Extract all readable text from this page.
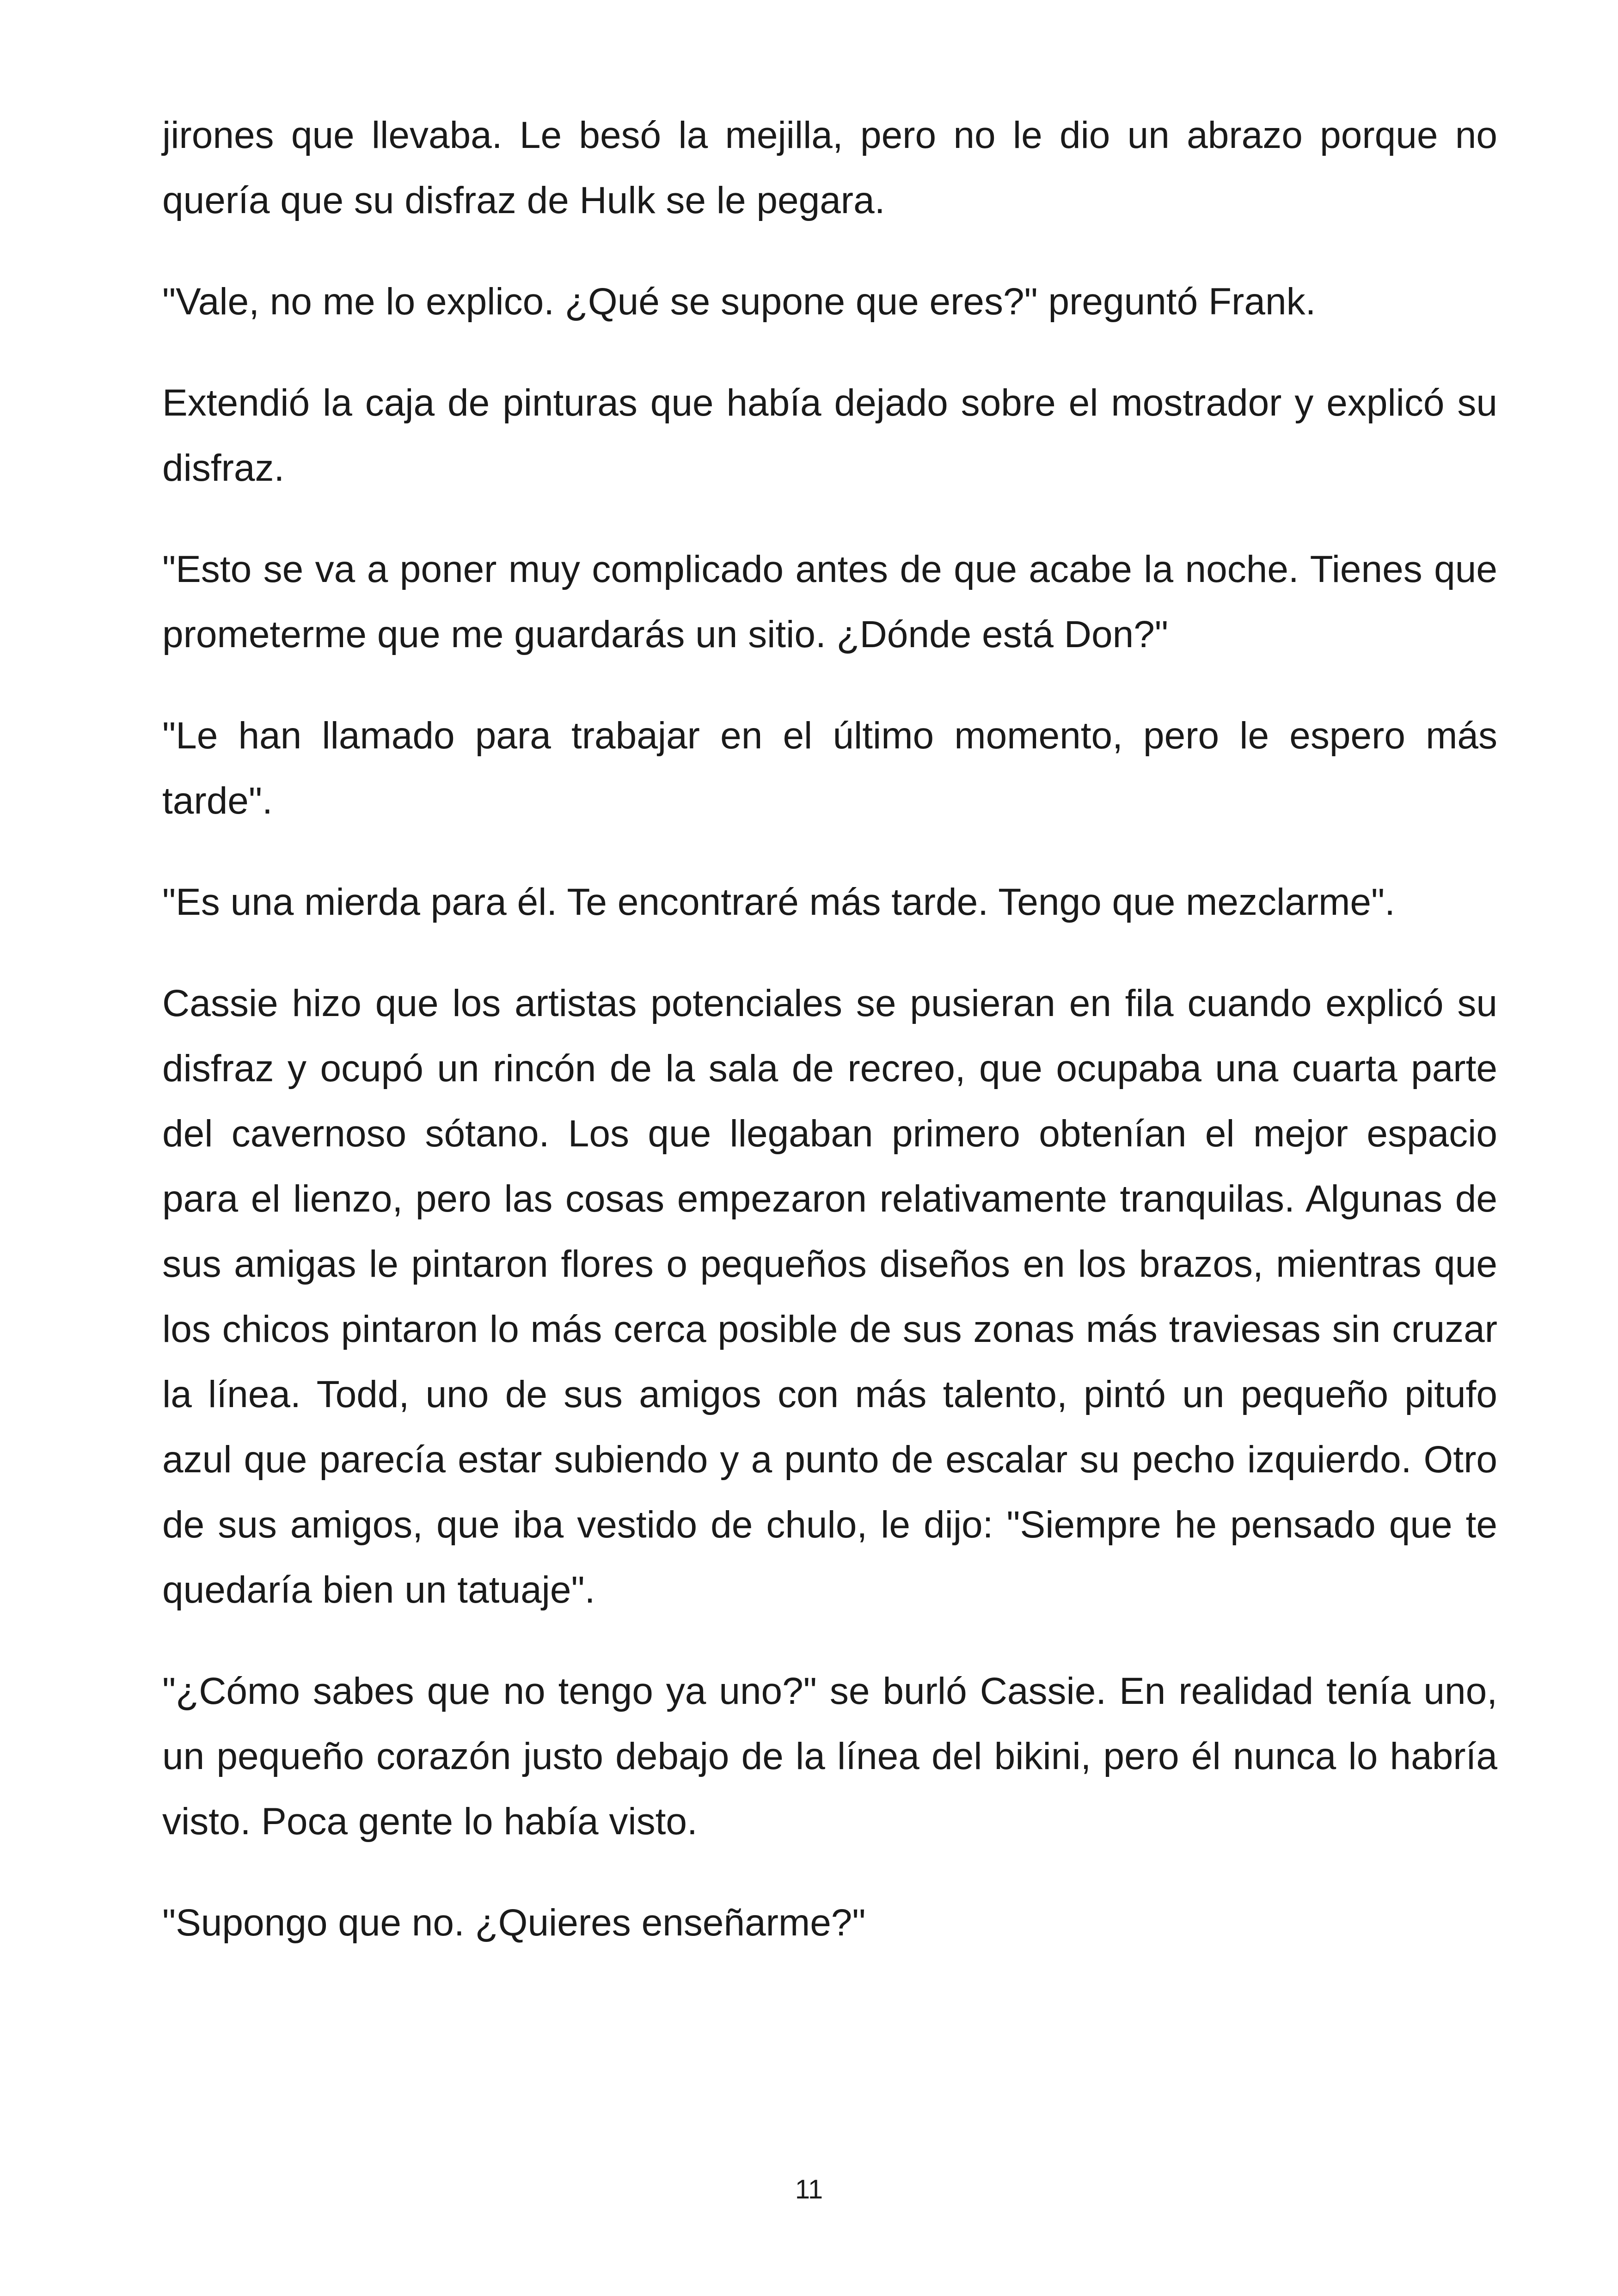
jirones que llevaba. Le besó la mejilla, pero no le dio un abrazo porque no quería que su disfraz de Hulk se le pegara.

"Vale, no me lo explico. ¿Qué se supone que eres?" preguntó Frank.

Extendió la caja de pinturas que había dejado sobre el mostrador y explicó su disfraz.

"Esto se va a poner muy complicado antes de que acabe la noche. Tienes que prometerme que me guardarás un sitio. ¿Dónde está Don?"

"Le han llamado para trabajar en el último momento, pero le espero más tarde".

"Es una mierda para él. Te encontraré más tarde. Tengo que mezclarme".

Cassie hizo que los artistas potenciales se pusieran en fila cuando explicó su disfraz y ocupó un rincón de la sala de recreo, que ocupaba una cuarta parte del cavernoso sótano. Los que llegaban primero obtenían el mejor espacio para el lienzo, pero las cosas empezaron relativamente tranquilas. Algunas de sus amigas le pintaron flores o pequeños diseños en los brazos, mientras que los chicos pintaron lo más cerca posible de sus zonas más traviesas sin cruzar la línea. Todd, uno de sus amigos con más talento, pintó un pequeño pitufo azul que parecía estar subiendo y a punto de escalar su pecho izquierdo. Otro de sus amigos, que iba vestido de chulo, le dijo: "Siempre he pensado que te quedaría bien un tatuaje".

"¿Cómo sabes que no tengo ya uno?" se burló Cassie. En realidad tenía uno, un pequeño corazón justo debajo de la línea del bikini, pero él nunca lo habría visto. Poca gente lo había visto.

"Supongo que no. ¿Quieres enseñarme?"

11
